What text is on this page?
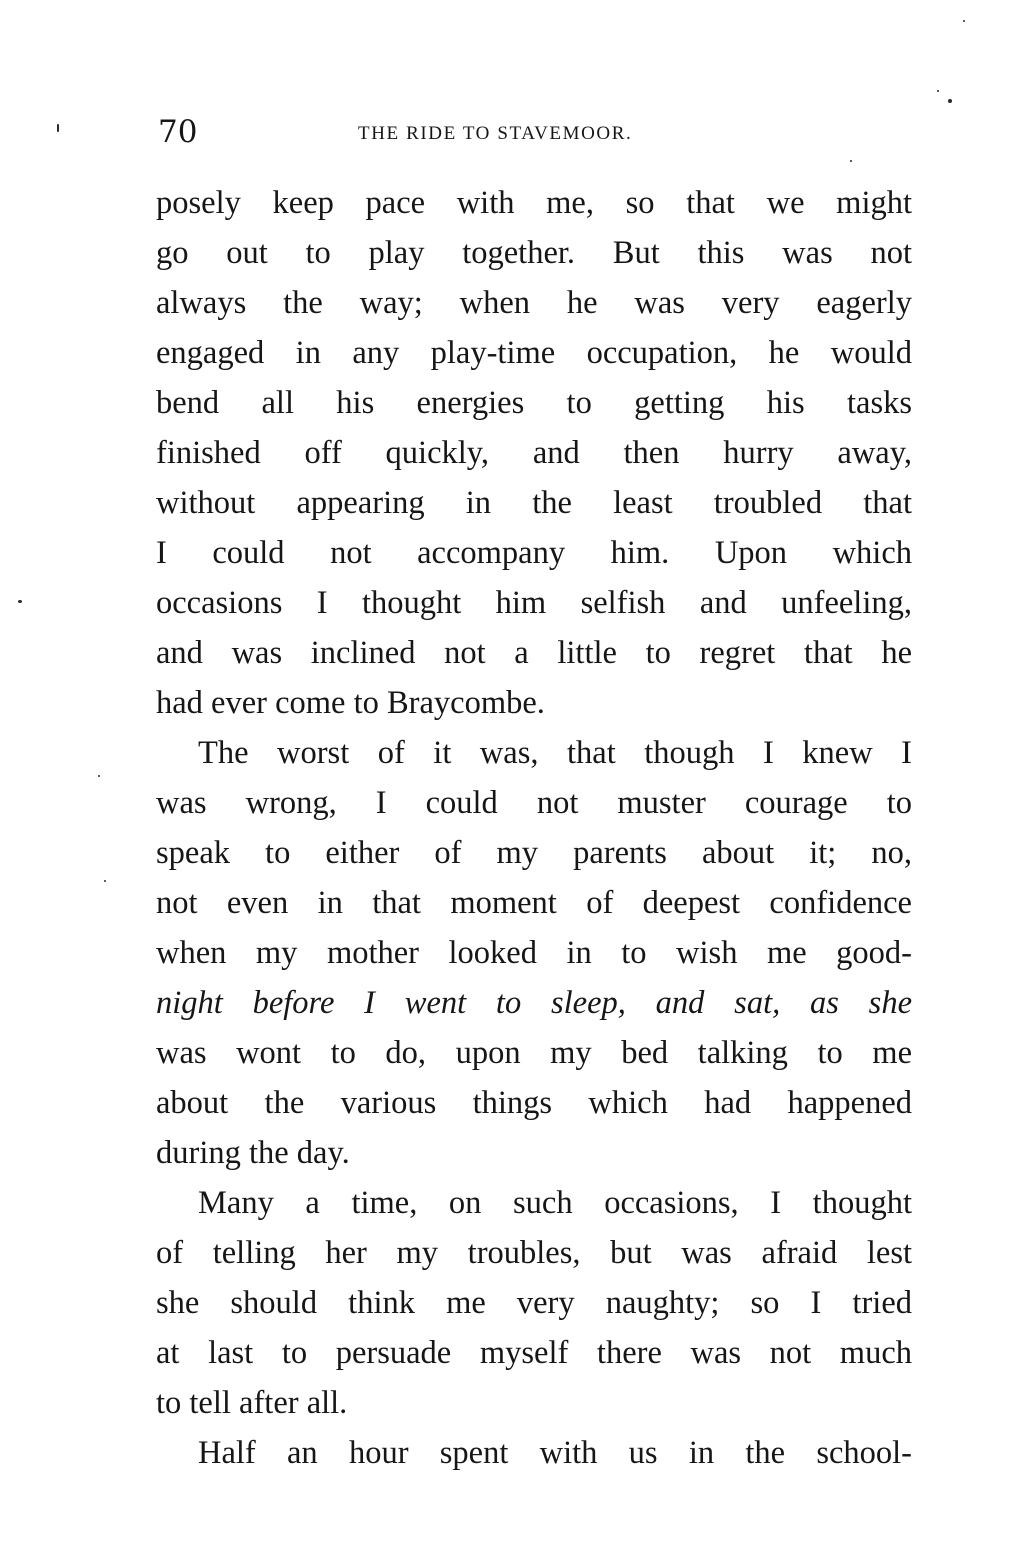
70	THE RIDE TO STAVEMOOR.
posely keep pace with me, so that we might
go out to play together. But this was not
always the way; when he was very eagerly
engaged in any play-time occupation, he would
bend all his energies to getting his tasks
finished off quickly, and then hurry away,
without appearing in the least troubled that
I could not accompany him. Upon which
occasions I thought him selfish and unfeeling,
and was inclined not a little to regret that he
had ever come to Braycombe.
The worst of it was, that though I knew I
was wrong, I could not muster courage to
speak to either of my parents about it; no,
not even in that moment of deepest confidence
when my mother looked in to wish me good-
night before I went to sleep, and sat, as she
was wont to do, upon my bed talking to me
about the various things which had happened
during the day.
Many a time, on such occasions, I thought
of telling her my troubles, but was afraid lest
she should think me very naughty; so I tried
at last to persuade myself there was not much
to tell after all.
Half an hour spent with us in the school-
